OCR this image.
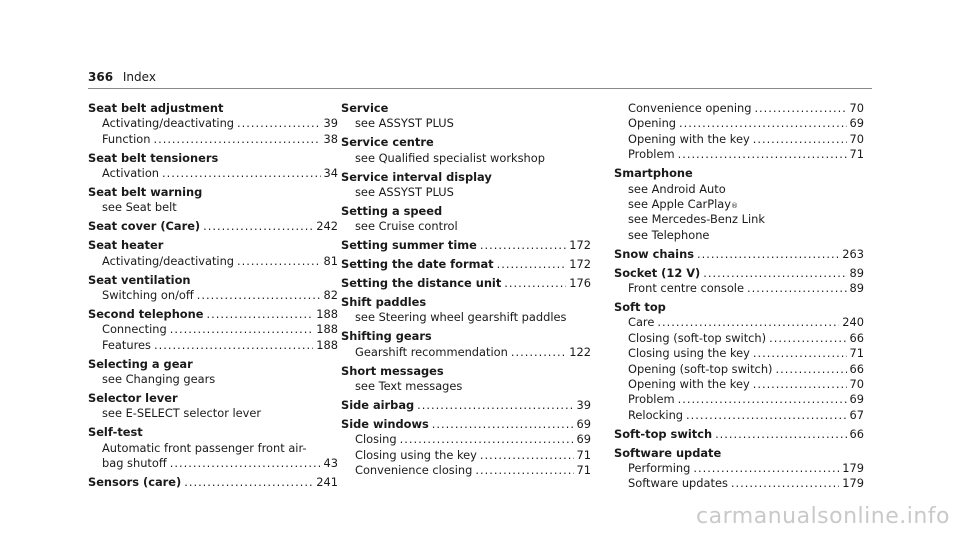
366 Index
Seat belt adjustment
Activating/deactivating .....	39
Function .....	38
Seat belt tensioners
Activation .....	34
Seat belt warning
see Seat belt
Seat cover (Care) .....	242
Seat heater
Activating/deactivating .....	81
Seat ventilation
Switching on/off .....	82
Second telephone .....	188
Connecting .....	188
Features .....	188
Selecting a gear
see Changing gears
Selector lever
see E-SELECT selector lever
Self-test
Automatic front passenger front air-
bag shutoff .....	43
Sensors (care) .....	241
Service
see ASSYST PLUS
Service centre
see Qualified specialist workshop
Service interval display
see ASSYST PLUS
Setting a speed
see Cruise control
Setting summer time .....	172
Setting the date format .....	172
Setting the distance unit .....	176
Shift paddles
see Steering wheel gearshift paddles
Shifting gears
Gearshift recommendation .....	122
Short messages
see Text messages
Side airbag .....	39
Side windows .....	69
Closing .....	69
Closing using the key .....	71
Convenience closing .....	71
Convenience opening .....	70
Opening .....	69
Opening with the key .....	70
Problem .....	71
Smartphone
see Android Auto
see Apple CarPlay ®
see Mercedes-Benz Link
see Telephone
Snow chains .....	263
Socket (12 V) .....	89
Front centre console .....	89
Soft top
Care .....	240
Closing (soft-top switch) .....	66
Closing using the key .....	71
Opening (soft-top switch) .....	66
Opening with the key .....	70
Problem .....	69
Relocking .....	67
Soft-top switch .....	66
Software update
Performing .....	179
Software updates .....	179
carmanualsonline.info
